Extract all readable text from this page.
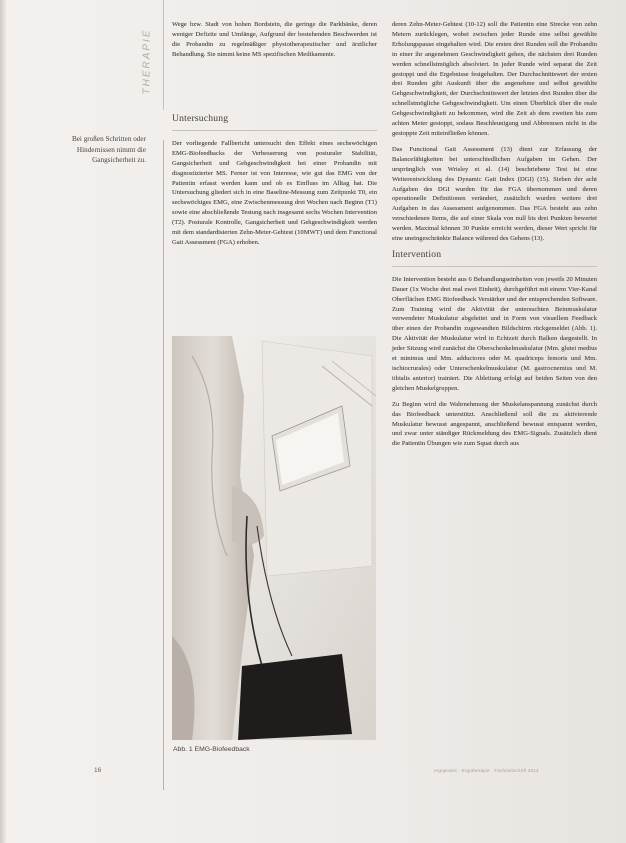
THERAPIE
Bei großen Schritten oder Hindernissen nimmt die Gangsicherheit zu.

Wege bzw. Stadt von hohen Bordstein, die geringe die Parkbänke, deren weniger Defizite und Umfänge, Aufgrund der bestehenden Beschwerden ist die Probandin zu regelmäßiger physiotherapeutischer und ärztlicher Behandlung. Sie nimmt keine MS spezifischen Medikamente.

Untersuchung

Der vorliegende Fallbericht untersucht den Effekt eines sechswöchigen EMG-Biofeedbacks der Verbesserung von posturaler Stabilität, Gangsicherheit und Gehgeschwindigkeit bei einer Probandin mit diagnostizierter MS. Ferner ist von Interesse, wie gut das EMG von der Patientin erfasst werden kann und ob es Einfluss im Alltag hat. Die Untersuchung gliedert sich in eine Baseline-Messung zum Zeitpunkt T0, ein sechswöchiges EMG, eine Zwischenmessung drei Wochen nach Beginn (T1) sowie eine abschließende Testung nach insgesamt sechs Wochen Intervention (T2). Posturale Kontrolle, Gangsicherheit und Gehgeschwindigkeit werden mit dem standardisierten Zehn-Meter-Gehtest (10MWT) und dem Functional Gait Assessment (FGA) erhoben.

Abb. 1 EMG-Biofeedback

deren Zehn-Meter-Gehtest (10-12) soll die Patientin eine Strecke von zehn Metern zurücklegen, wobei zwischen jeder Runde eine selbst gewählte Erholungspause eingehalten wird. Die ersten drei Runden soll die Probandin in einer ihr angenehmen Geschwindigkeit gehen, die nächsten drei Runden werden schnellstmöglich absolviert. In jeder Runde wird separat die Zeit gestoppt und die Ergebnisse festgehalten. Der Durchschnittswert der ersten drei Runden gibt Auskunft über die angenehme und selbst gewählte Gehgeschwindigkeit, der Durchschnittswert der letzten drei Runden über die schnellstmögliche Gehgeschwindigkeit. Um einen Überblick über die reale Gehgeschwindigkeit zu bekommen, wird die Zeit ab dem zweiten bis zum achten Meter gestoppt, sodass Beschleunigung und Abbremsen nicht in die gestoppte Zeit miteinfließen können.

Das Functional Gait Assessment (13) dient zur Erfassung der Balancefähigkeiten bei unterschiedlichen Aufgaben im Gehen. Der ursprünglich von Wrisley et al. (14) beschriebene Test ist eine Weiterentwicklung des Dynamic Gait Index (DGI) (15). Sieben der acht Aufgaben des DGI wurden für das FGA übernommen und deren operationelle Definitionen verändert, zusätzlich wurden weitere drei Aufgaben in das Assessment aufgenommen. Das FGA besteht aus zehn verschiedenen Items, die auf einer Skala von null bis drei Punkten bewertet werden. Maximal können 30 Punkte erreicht werden, dieser Wert spricht für eine uneingeschränkte Balance während des Gehens (13).

Intervention

Die Intervention besteht aus 6 Behandlungseinheiten von jeweils 20 Minuten Dauer (1x Woche drei mal zwei Einheit), durchgeführt mit einem Vier-Kanal Oberflächen EMG Biofeedback Verstärker und der entsprechenden Software. Zum Training wird die Aktivität der untersuchten Beinmuskulatur verwendeter Muskulatur abgeleitet und in Form von visuellem Feedback über einen der Probandin zugewandten Bildschirm rückgemeldet (Abb. 1). Die Aktivität der Muskulatur wird in Echtzeit durch Balken dargestellt. In jeder Sitzung wird zunächst die Oberschenkelmuskulatur (Mm. glutei medius et minimus und Mm. adductores oder M. quadriceps femoris und Mm. ischiocrurales) oder Unterschenkelmuskulatur (M. gastrocnemius und M. tibialis anterior) trainiert. Die Ableitung erfolgt auf beiden Seiten von den gleichen Muskelgruppen.

Zu Beginn wird die Wahrnehmung der Muskelanspannung zunächst durch das Biofeedback unterstützt. Anschließend soll die zu aktivierende Muskulatur bewusst angespannt, anschließend bewusst entspannt werden, und zwar unter ständiger Rückmeldung des EMG-Signals. Zusätzlich dient die Patientin Übungen wie zum Squat durch aus

16	ergopraxis · Ergotherapie · Fachzeitschrift 2014
